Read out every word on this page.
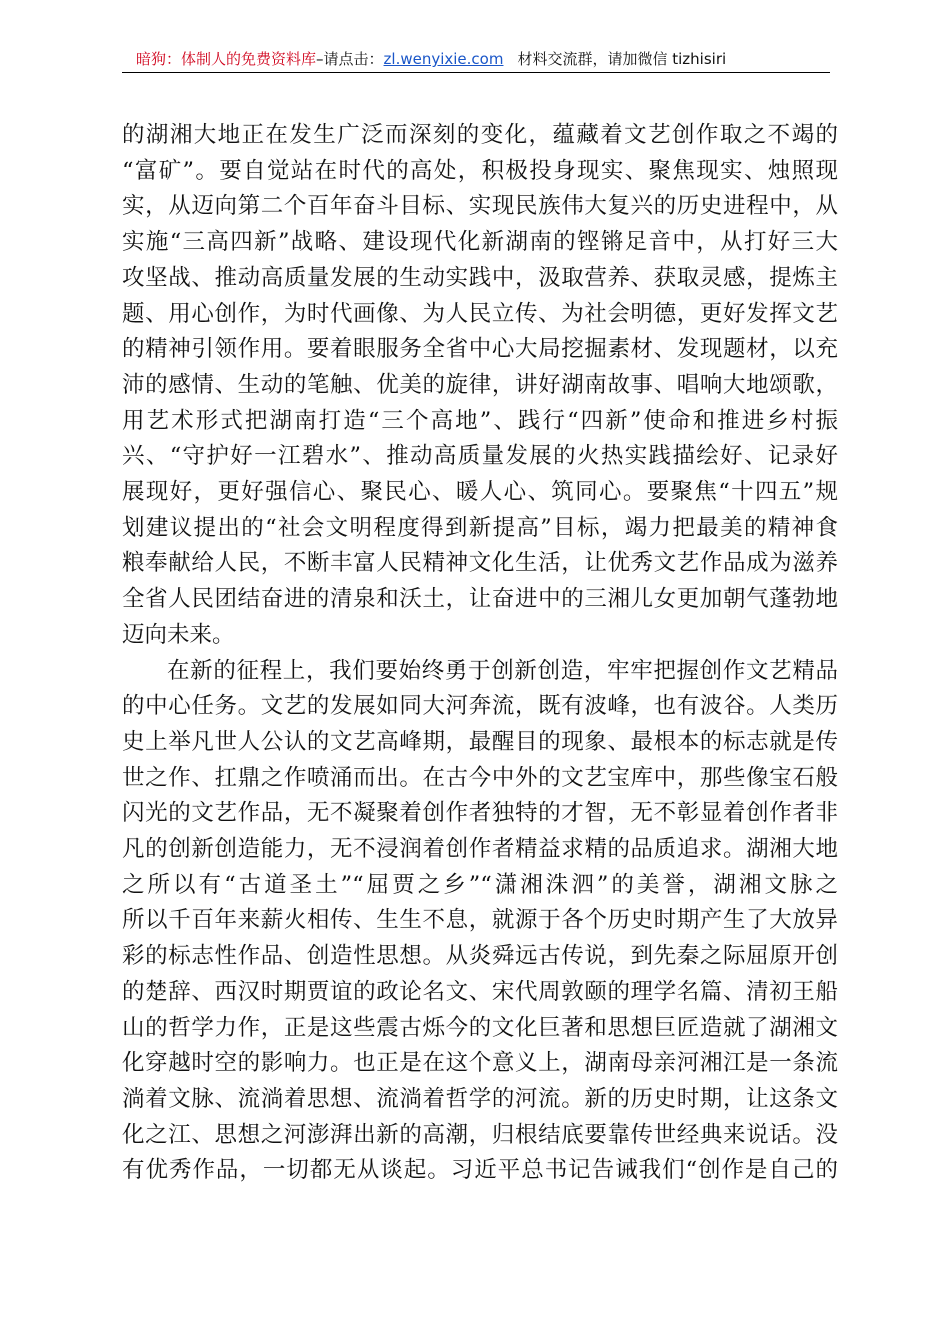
暗狗：体制人的免费资料库–请点击：zl.wenyixie.com 材料交流群，请加微信 tizhisiri
的湖湘大地正在发生广泛而深刻的变化，蕴藏着文艺创作取之不竭的
“富矿”。要自觉站在时代的高处，积极投身现实、聚焦现实、烛照现
实，从迈向第二个百年奋斗目标、实现民族伟大复兴的历史进程中，从
实施“三高四新”战略、建设现代化新湖南的铿锵足音中，从打好三大
攻坚战、推动高质量发展的生动实践中，汲取营养、获取灵感，提炼主
题、用心创作，为时代画像、为人民立传、为社会明德，更好发挥文艺
的精神引领作用。要着眼服务全省中心大局挖掘素材、发现题材，以充
沛的感情、生动的笔触、优美的旋律，讲好湖南故事、唱响大地颂歌，
用艺术形式把湖南打造“三个高地”、践行“四新”使命和推进乡村振
兴、“守护好一江碧水”、推动高质量发展的火热实践描绘好、记录好
展现好，更好强信心、聚民心、暖人心、筑同心。要聚焦“十四五”规
划建议提出的“社会文明程度得到新提高”目标，竭力把最美的精神食
粮奉献给人民，不断丰富人民精神文化生活，让优秀文艺作品成为滋养
全省人民团结奋进的清泉和沃土，让奋进中的三湘儿女更加朝气蓬勃地
迈向未来。
在新的征程上，我们要始终勇于创新创造，牢牢把握创作文艺精品
的中心任务。文艺的发展如同大河奔流，既有波峰，也有波谷。人类历
史上举凡世人公认的文艺高峰期，最醒目的现象、最根本的标志就是传
世之作、扛鼎之作喷涌而出。在古今中外的文艺宝库中，那些像宝石般
闪光的文艺作品，无不凝聚着创作者独特的才智，无不彰显着创作者非
凡的创新创造能力，无不浸润着创作者精益求精的品质追求。湖湘大地
之所以有“古道圣土”“屈贾之乡”“潇湘洙泗”的美誉，湖湘文脉之
所以千百年来薪火相传、生生不息，就源于各个历史时期产生了大放异
彩的标志性作品、创造性思想。从炎舜远古传说，到先秦之际屈原开创
的楚辞、西汉时期贾谊的政论名文、宋代周敦颐的理学名篇、清初王船
山的哲学力作，正是这些震古烁今的文化巨著和思想巨匠造就了湖湘文
化穿越时空的影响力。也正是在这个意义上，湖南母亲河湘江是一条流
淌着文脉、流淌着思想、流淌着哲学的河流。新的历史时期，让这条文
化之江、思想之河澎湃出新的高潮，归根结底要靠传世经典来说话。没
有优秀作品，一切都无从谈起。习近平总书记告诫我们“创作是自己的
